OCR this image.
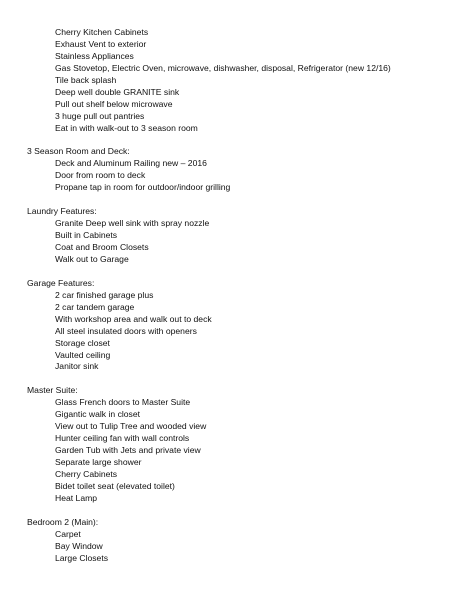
Cherry Kitchen Cabinets
Exhaust Vent to exterior
Stainless Appliances
Gas Stovetop, Electric Oven, microwave, dishwasher, disposal, Refrigerator (new 12/16)
Tile back splash
Deep well double GRANITE sink
Pull out shelf below microwave
3 huge pull out pantries
Eat in with walk-out to 3 season room
3 Season Room and Deck:
Deck and Aluminum Railing new – 2016
Door from room to deck
Propane tap in room for outdoor/indoor grilling
Laundry Features:
Granite Deep well sink with spray nozzle
Built in Cabinets
Coat and Broom Closets
Walk out to Garage
Garage Features:
2 car finished garage plus
2 car tandem garage
With workshop area and walk out to deck
All steel insulated doors with openers
Storage closet
Vaulted ceiling
Janitor sink
Master Suite:
Glass French doors to Master Suite
Gigantic walk in closet
View out to Tulip Tree and wooded view
Hunter ceiling fan with wall controls
Garden Tub with Jets and private view
Separate large shower
Cherry Cabinets
Bidet toilet seat (elevated toilet)
Heat Lamp
Bedroom 2 (Main):
Carpet
Bay Window
Large Closets
